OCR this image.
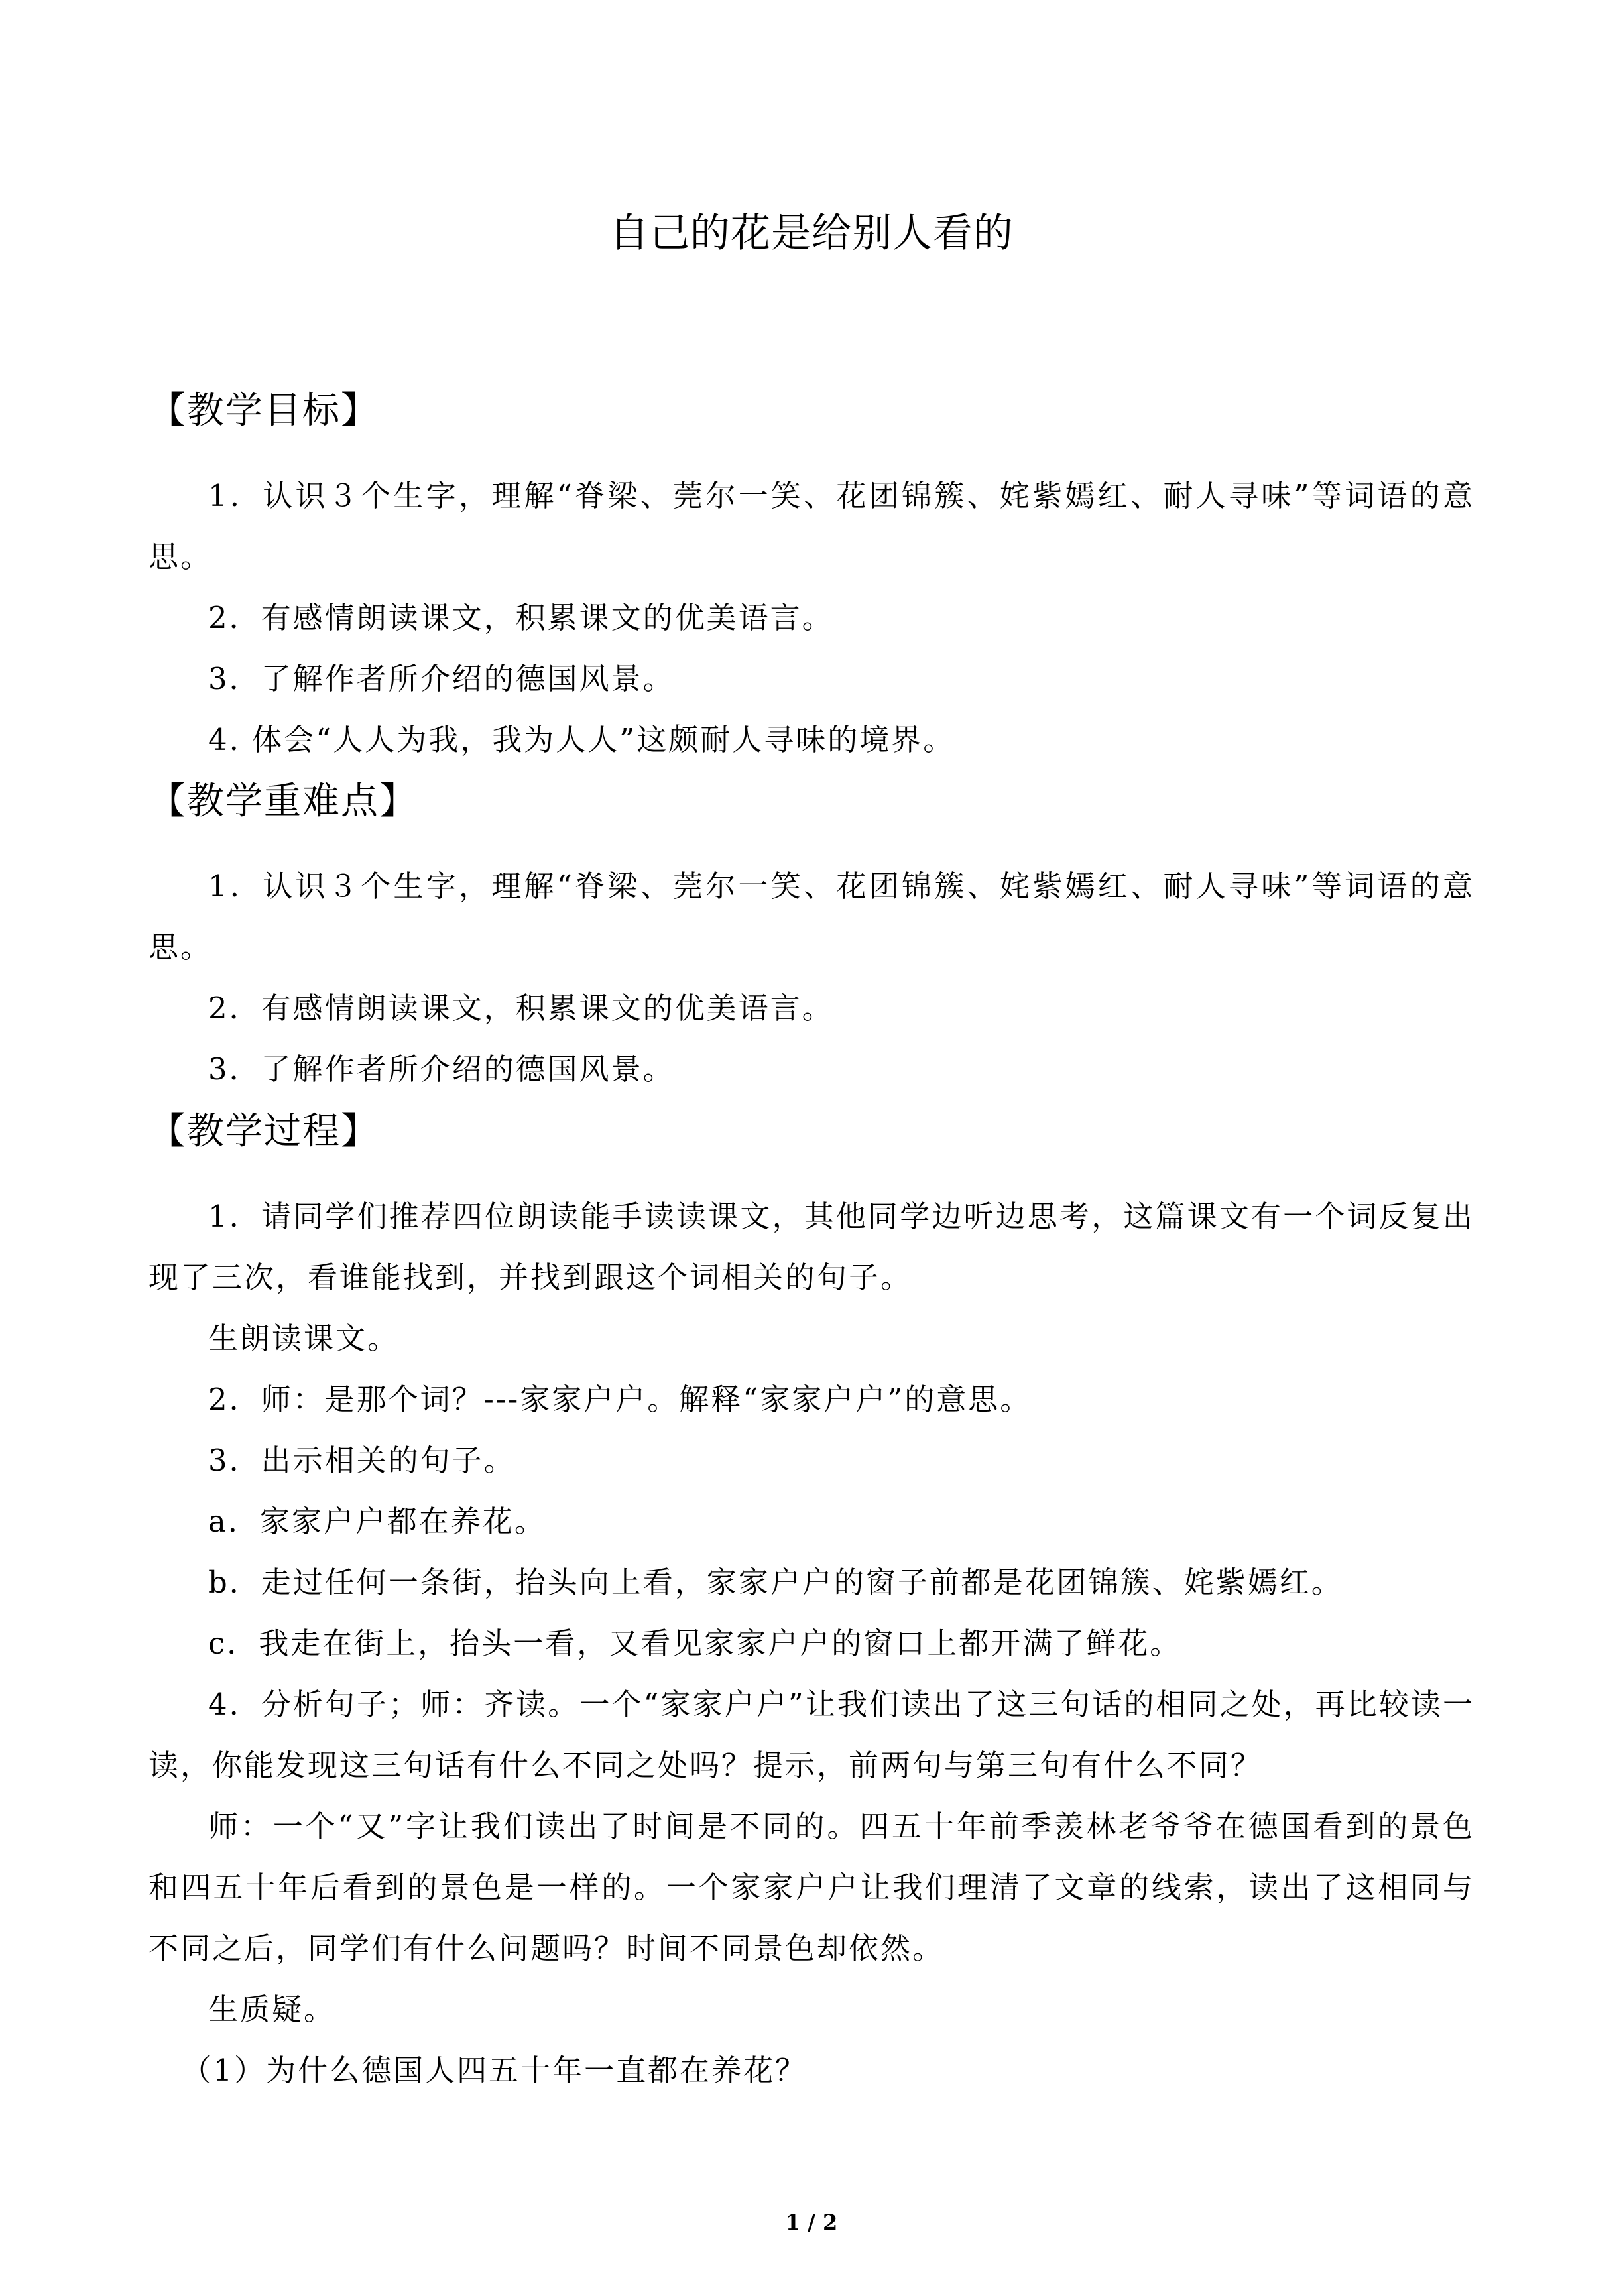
自己的花是给别人看的
【教学目标】
1．认识３个生字，理解“脊梁、莞尔一笑、花团锦簇、姹紫嫣红、耐人寻味”等词语的意思。
2．有感情朗读课文，积累课文的优美语言。
3．了解作者所介绍的德国风景。
4. 体会“人人为我，我为人人”这颇耐人寻味的境界。
【教学重难点】
1．认识３个生字，理解“脊梁、莞尔一笑、花团锦簇、姹紫嫣红、耐人寻味”等词语的意思。
2．有感情朗读课文，积累课文的优美语言。
3．了解作者所介绍的德国风景。
【教学过程】
1．请同学们推荐四位朗读能手读读课文，其他同学边听边思考，这篇课文有一个词反复出现了三次，看谁能找到，并找到跟这个词相关的句子。
生朗读课文。
2．师：是那个词？---家家户户。解释“家家户户”的意思。
3．出示相关的句子。
a．家家户户都在养花。
b．走过任何一条街，抬头向上看，家家户户的窗子前都是花团锦簇、姹紫嫣红。
c．我走在街上，抬头一看，又看见家家户户的窗口上都开满了鲜花。
4．分析句子；师：齐读。一个“家家户户”让我们读出了这三句话的相同之处，再比较读一读，你能发现这三句话有什么不同之处吗？提示，前两句与第三句有什么不同？
师：一个“又”字让我们读出了时间是不同的。四五十年前季羡林老爷爷在德国看到的景色和四五十年后看到的景色是一样的。一个家家户户让我们理清了文章的线索，读出了这相同与不同之后，同学们有什么问题吗？时间不同景色却依然。
生质疑。
（1）为什么德国人四五十年一直都在养花？
1 / 2
